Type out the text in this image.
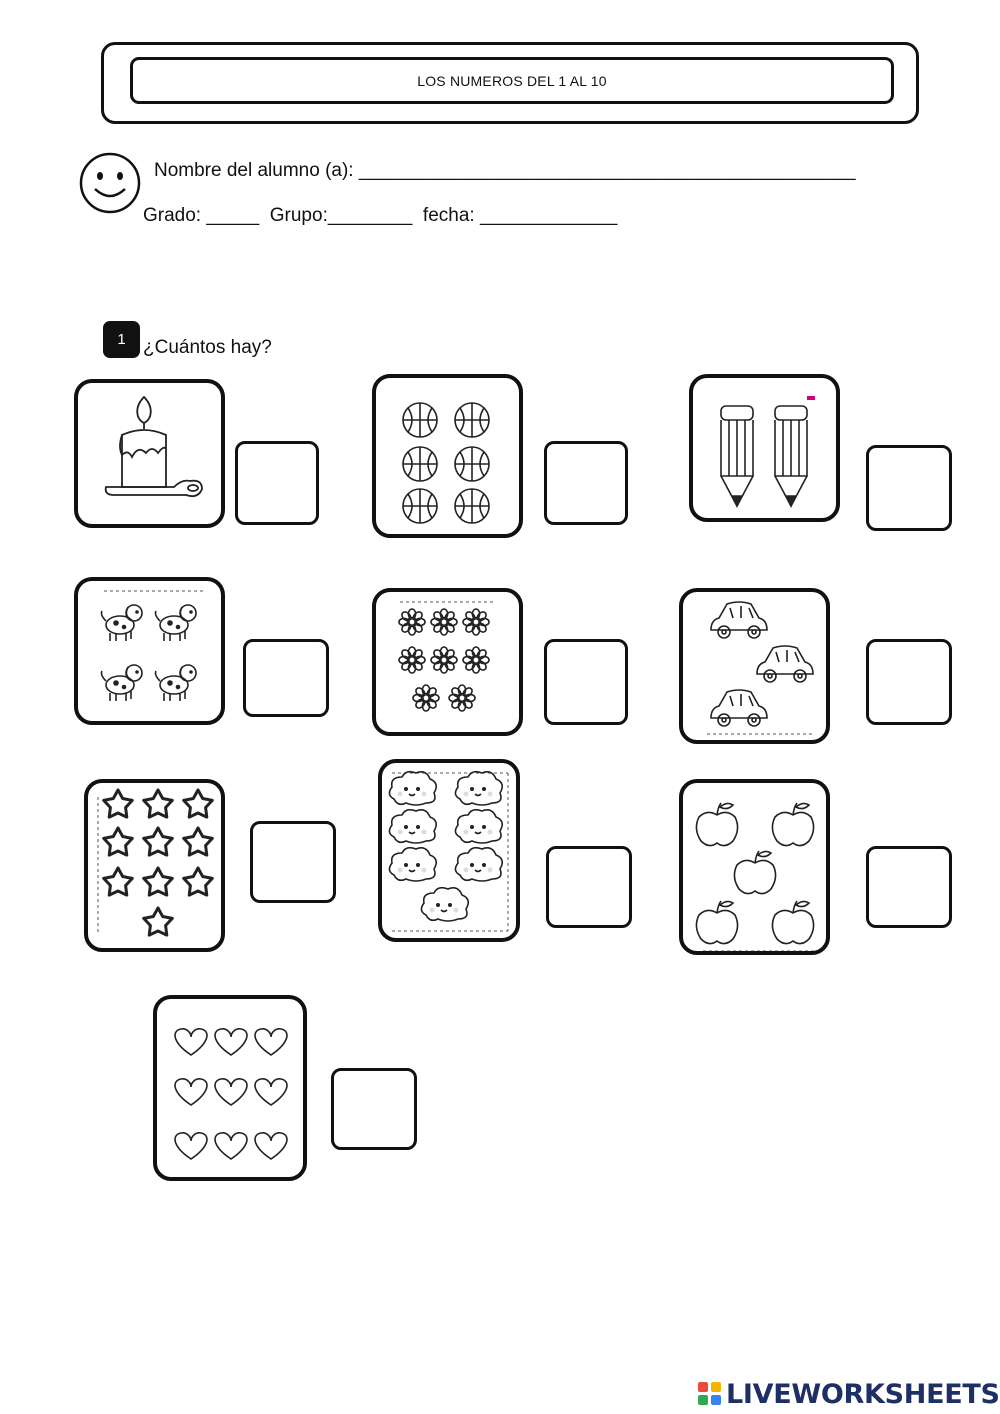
LOS NUMEROS DEL 1 AL 10
Nombre del alumno (a): _______________________________________________
Grado: _____  Grupo:________  fecha: _____________
1 ¿Cuántos hay?
LIVEWORKSHEETS
